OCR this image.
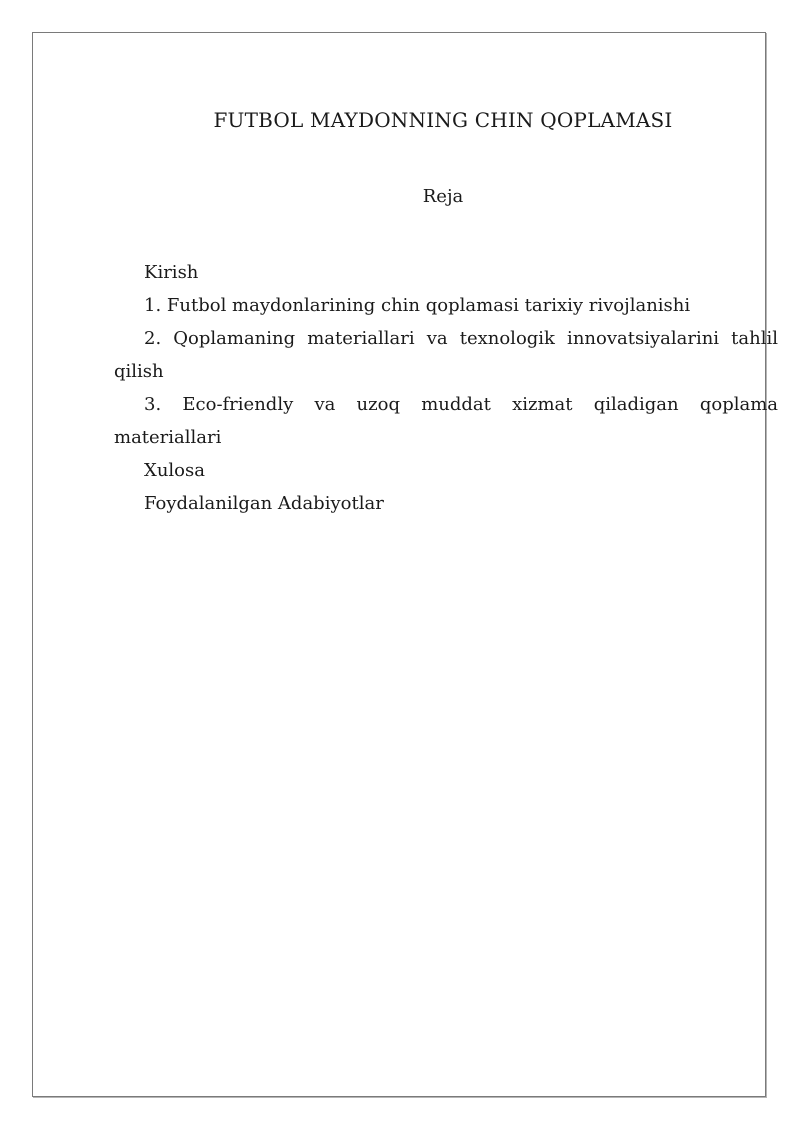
FUTBOL MAYDONNING CHIN QOPLAMASI
Reja
Kirish
1. Futbol maydonlarining chin qoplamasi tarixiy rivojlanishi
2. Qoplamaning materiallari va texnologik innovatsiyalarini tahlil qilish
3. Eco-friendly va uzoq muddat xizmat qiladigan qoplama materiallari
Xulosa
Foydalanilgan Adabiyotlar
